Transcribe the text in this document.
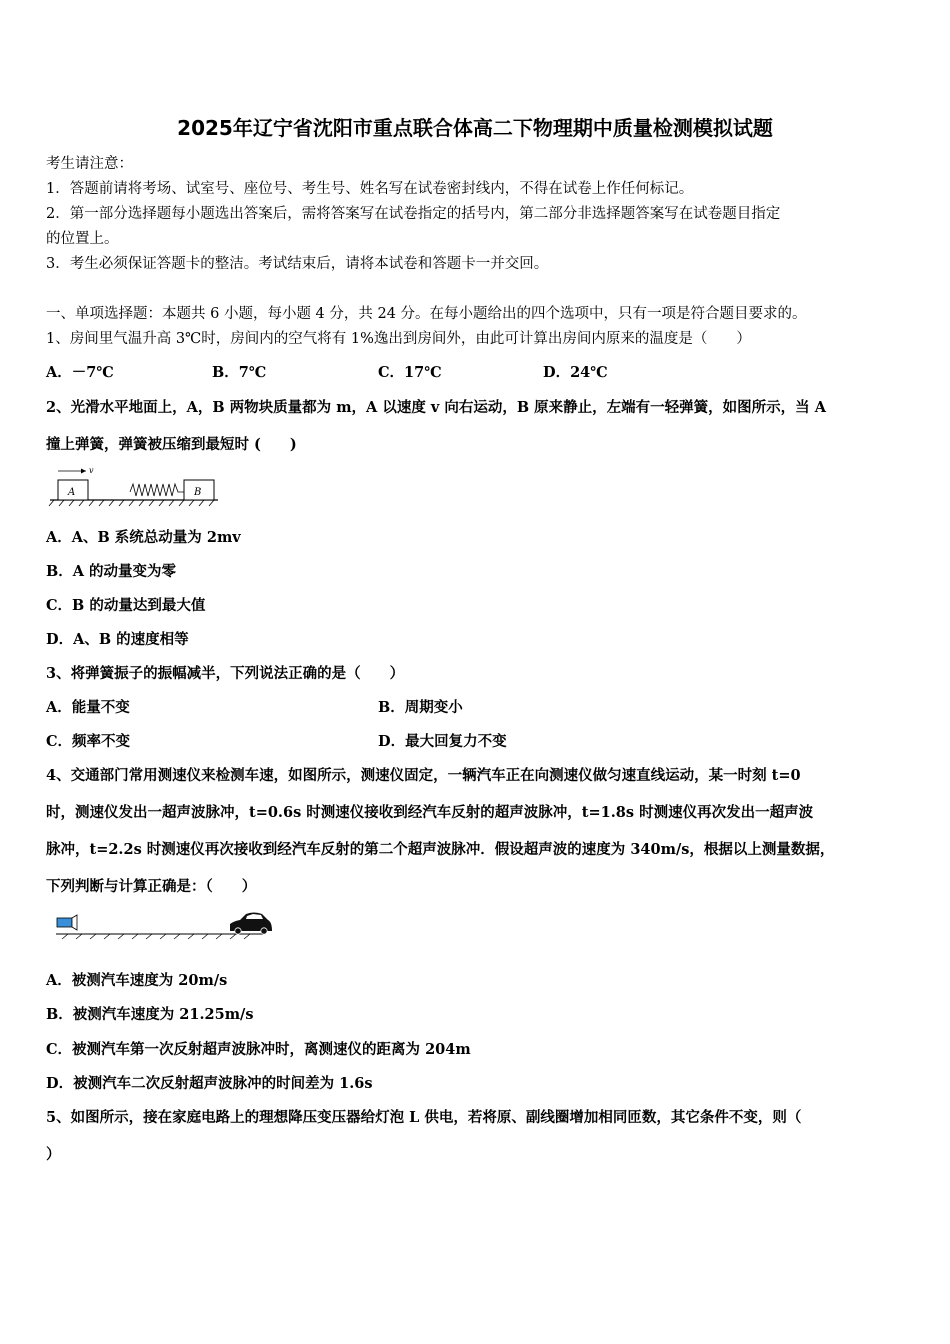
2025年辽宁省沈阳市重点联合体高二下物理期中质量检测模拟试题
考生请注意：
1．答题前请将考场、试室号、座位号、考生号、姓名写在试卷密封线内，不得在试卷上作任何标记。
2．第一部分选择题每小题选出答案后，需将答案写在试卷指定的括号内，第二部分非选择题答案写在试卷题目指定
的位置上。
3．考生必须保证答题卡的整洁。考试结束后，请将本试卷和答题卡一并交回。
一、单项选择题：本题共 6 小题，每小题 4 分，共 24 分。在每小题给出的四个选项中，只有一项是符合题目要求的。
1、房间里气温升高 3℃时，房间内的空气将有 1%逸出到房间外，由此可计算出房间内原来的温度是（　　）
A．－7℃	B．7℃	C．17℃	D．24℃
2、光滑水平地面上，A，B 两物块质量都为 m，A 以速度 v 向右运动，B 原来静止，左端有一轻弹簧，如图所示，当 A
撞上弹簧，弹簧被压缩到最短时 (　　)
A
v
B
A．A、B 系统总动量为 2mv
B．A 的动量变为零
C．B 的动量达到最大值
D．A、B 的速度相等
3、将弹簧振子的振幅减半，下列说法正确的是（　　）
A．能量不变	B．周期变小
C．频率不变	D．最大回复力不变
4、交通部门常用测速仪来检测车速，如图所示，测速仪固定，一辆汽车正在向测速仪做匀速直线运动，某一时刻 t=0
时，测速仪发出一超声波脉冲，t=0.6s 时测速仪接收到经汽车反射的超声波脉冲，t=1.8s 时测速仪再次发出一超声波
脉冲，t=2.2s 时测速仪再次接收到经汽车反射的第二个超声波脉冲．假设超声波的速度为 340m/s，根据以上测量数据，
下列判断与计算正确是：（　　）
A．被测汽车速度为 20m/s
B．被测汽车速度为 21.25m/s
C．被测汽车第一次反射超声波脉冲时，离测速仪的距离为 204m
D．被测汽车二次反射超声波脉冲的时间差为 1.6s
5、如图所示，接在家庭电路上的理想降压变压器给灯泡 L 供电，若将原、副线圈增加相同匝数，其它条件不变，则（
）
